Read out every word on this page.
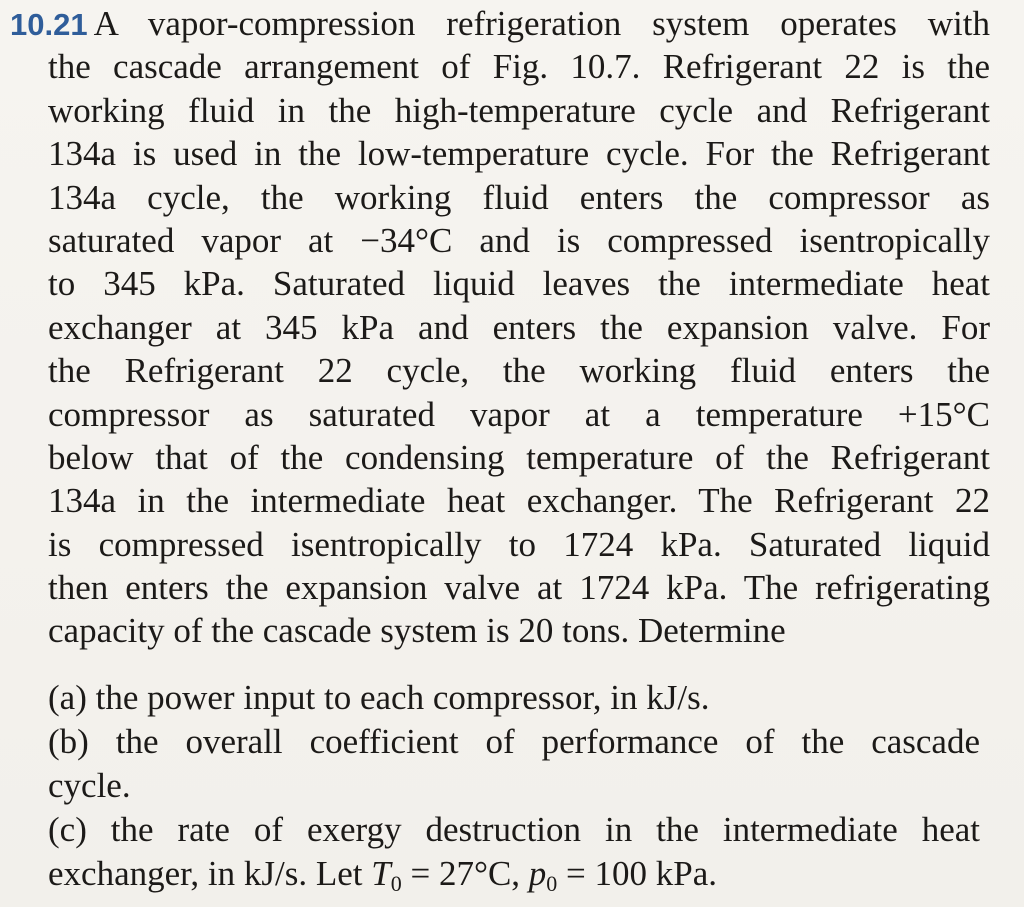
10.21 A vapor-compression refrigeration system operates with
the cascade arrangement of Fig. 10.7. Refrigerant 22 is the
working fluid in the high-temperature cycle and Refrigerant
134a is used in the low-temperature cycle. For the Refrigerant
134a cycle, the working fluid enters the compressor as
saturated vapor at −34°C and is compressed isentropically
to 345 kPa. Saturated liquid leaves the intermediate heat
exchanger at 345 kPa and enters the expansion valve. For
the Refrigerant 22 cycle, the working fluid enters the
compressor as saturated vapor at a temperature +15°C
below that of the condensing temperature of the Refrigerant
134a in the intermediate heat exchanger. The Refrigerant 22
is compressed isentropically to 1724 kPa. Saturated liquid
then enters the expansion valve at 1724 kPa. The refrigerating
capacity of the cascade system is 20 tons. Determine
(a) the power input to each compressor, in kJ/s.
(b) the overall coefficient of performance of the cascade
cycle.
(c) the rate of exergy destruction in the intermediate heat
exchanger, in kJ/s. Let $T_0 = 27^\circ C$, $p_0 = 100$ kPa.
